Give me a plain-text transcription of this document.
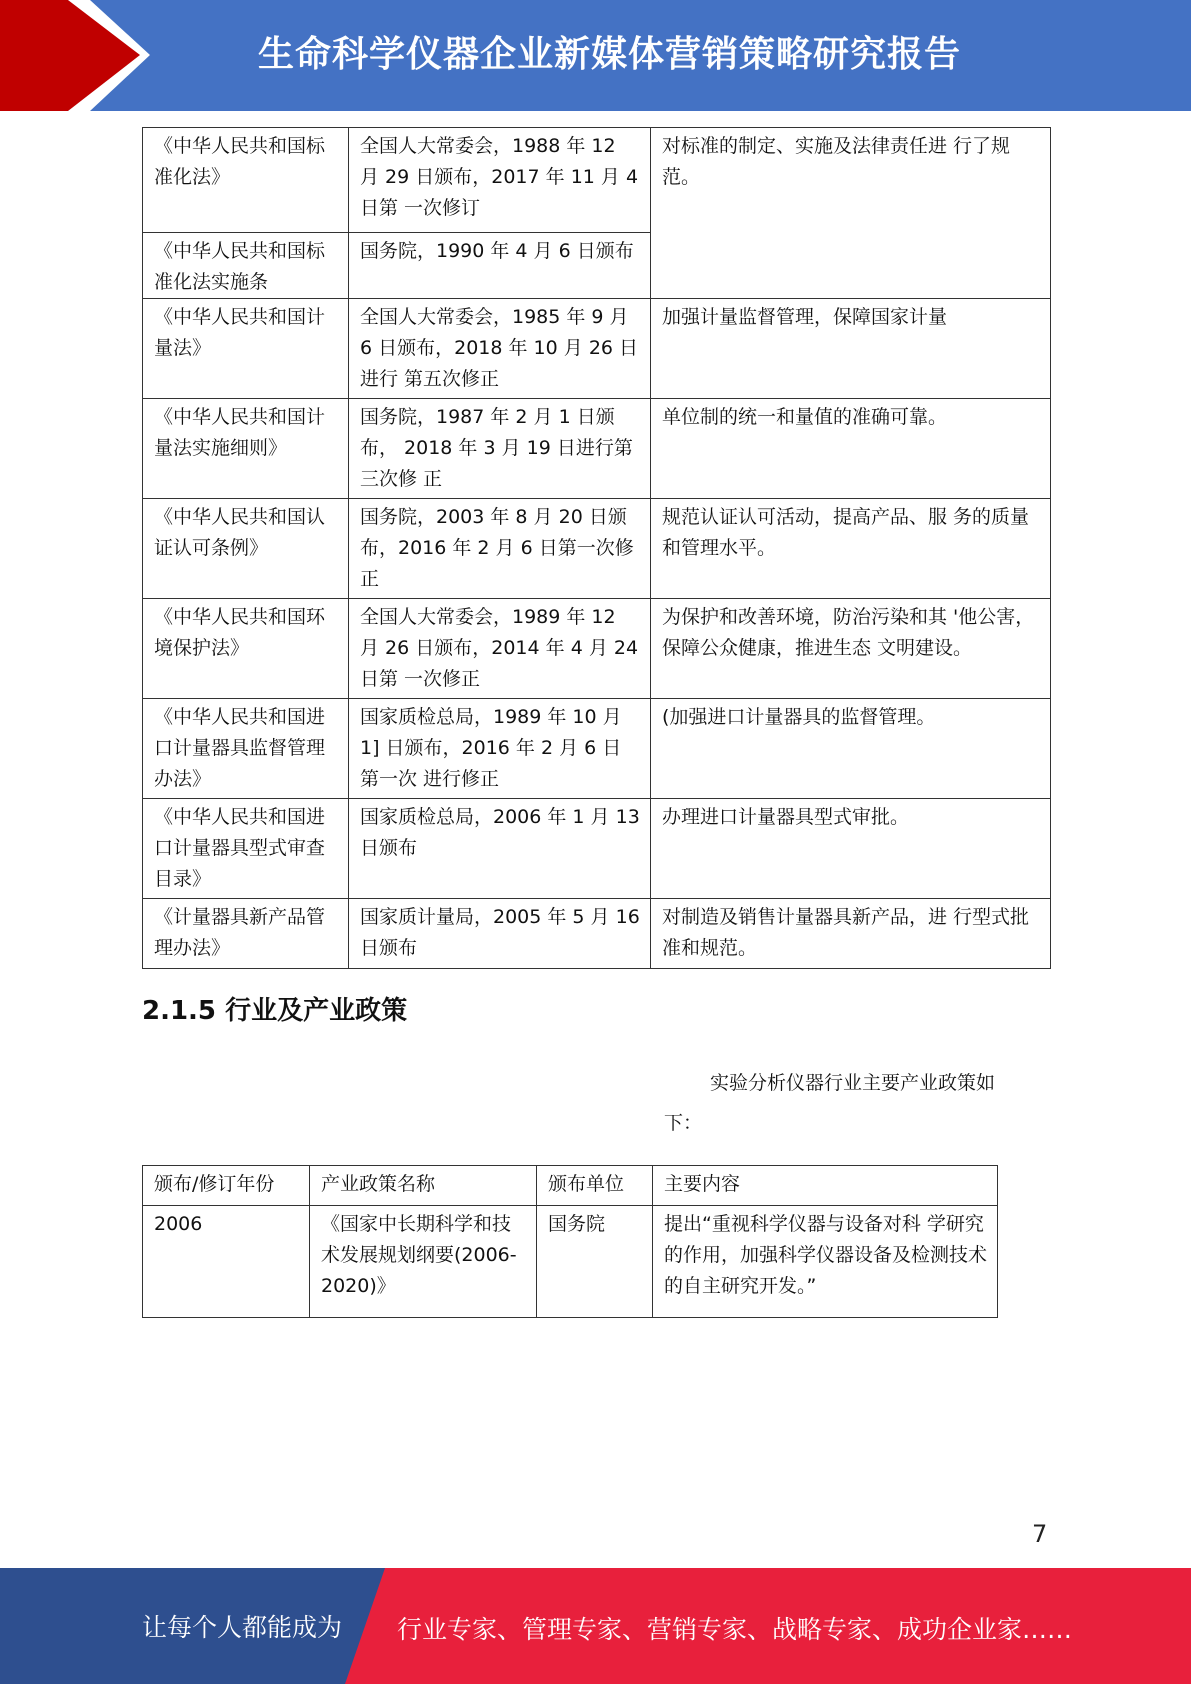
生命科学仪器企业新媒体营销策略研究报告
《中华人民共和国标 准化法》	全国人大常委会，1988 年 12 月 29 日颁布，2017 年 11 月 4 日第 一次修订	对标准的制定、实施及法律责任进 行了规范。
《中华人民共和国标 准化法实施条	国务院，1990 年 4 月 6 日颁布	
《中华人民共和国计 量法》	全国人大常委会，1985 年 9 月 6 日颁布，2018 年 10 月 26 日进行 第五次修正	加强计量监督管理，保障国家计量
《中华人民共和国计 量法实施细则》	国务院，1987 年 2 月 1 日颁布， 2018 年 3 月 19 日进行第三次修 正	单位制的统一和量值的准确可靠。
《中华人民共和国认 证认可条例》	国务院，2003 年 8 月 20 日颁布，2016 年 2 月 6 日第一次修正	规范认证认可活动，提高产品、服 务的质量和管理水平。
《中华人民共和国环 境保护法》	全国人大常委会，1989 年 12 月 26 日颁布，2014 年 4 月 24 日第 一次修正	为保护和改善环境，防治污染和其 '他公害，保障公众健康，推进生态 文明建设。
《中华人民共和国进 口计量器具监督管理 办法》	国家质检总局，1989 年 10 月 1] 日颁布，2016 年 2 月 6 日第一次 进行修正	(加强进口计量器具的监督管理。
《中华人民共和国进 口计量器具型式审查 目录》	国家质检总局，2006 年 1 月 13 日颁布	办理进口计量器具型式审批。
《计量器具新产品管 理办法》	国家质计量局，2005 年 5 月 16 日颁布	对制造及销售计量器具新产品，进 行型式批准和规范。
2.1.5 行业及产业政策
实验分析仪器行业主要产业政策如下：
颁布/修订年份	产业政策名称	颁布单位	主要内容
2006	《国家中长期科学和技术发展规划纲要(2006-2020)》	国务院	提出“重视科学仪器与设备对科 学研究的作用，加强科学仪器设备及检测技术的自主研究开发。”
7
让每个人都能成为 行业专家、管理专家、营销专家、战略专家、成功企业家……
